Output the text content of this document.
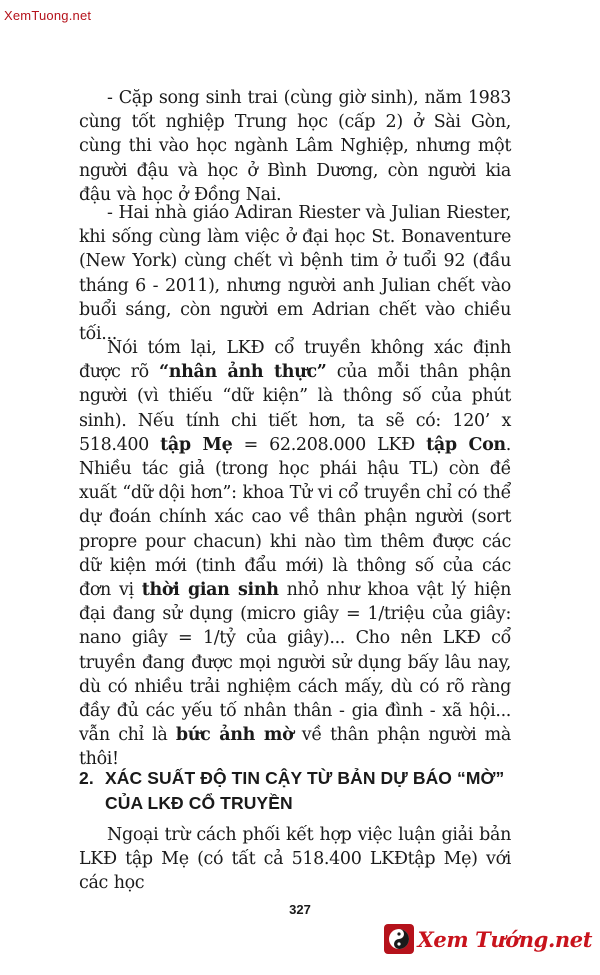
XemTuong.net
- Cặp song sinh trai (cùng giờ sinh), năm 1983 cùng tốt nghiệp Trung học (cấp 2) ở Sài Gòn, cùng thi vào học ngành Lâm Nghiệp, nhưng một người đậu và học ở Bình Dương, còn người kia đậu và học ở Đồng Nai.
- Hai nhà giáo Adiran Riester và Julian Riester, khi sống cùng làm việc ở đại học St. Bonaventure (New York) cùng chết vì bệnh tim ở tuổi 92 (đầu tháng 6 - 2011), nhưng người anh Julian chết vào buổi sáng, còn người em Adrian chết vào chiều tối...
Nói tóm lại, LKĐ cổ truyền không xác định được rõ “nhân ảnh thực” của mỗi thân phận người (vì thiếu “dữ kiện” là thông số của phút sinh). Nếu tính chi tiết hơn, ta sẽ có: 120’ x 518.400 tập Mẹ = 62.208.000 LKĐ tập Con. Nhiều tác giả (trong học phái hậu TL) còn đề xuất “dữ dội hơn”: khoa Tử vi cổ truyền chỉ có thể dự đoán chính xác cao về thân phận người (sort propre pour chacun) khi nào tìm thêm được các dữ kiện mới (tinh đẩu mới) là thông số của các đơn vị thời gian sinh nhỏ như khoa vật lý hiện đại đang sử dụng (micro giây = 1/triệu của giây: nano giây = 1/tỷ của giây)... Cho nên LKĐ cổ truyền đang được mọi người sử dụng bấy lâu nay, dù có nhiều trải nghiệm cách mấy, dù có rõ ràng đầy đủ các yếu tố nhân thân - gia đình - xã hội... vẫn chỉ là bức ảnh mờ về thân phận người mà thôi!
2. XÁC SUẤT ĐỘ TIN CẬY TỪ BẢN DỰ BÁO “MỜ” CỦA LKĐ CỔ TRUYỀN
Ngoại trừ cách phối kết hợp việc luận giải bản LKĐ tập Mẹ (có tất cả 518.400 LKĐtập Mẹ) với các học
327
Xem Tướng.net
